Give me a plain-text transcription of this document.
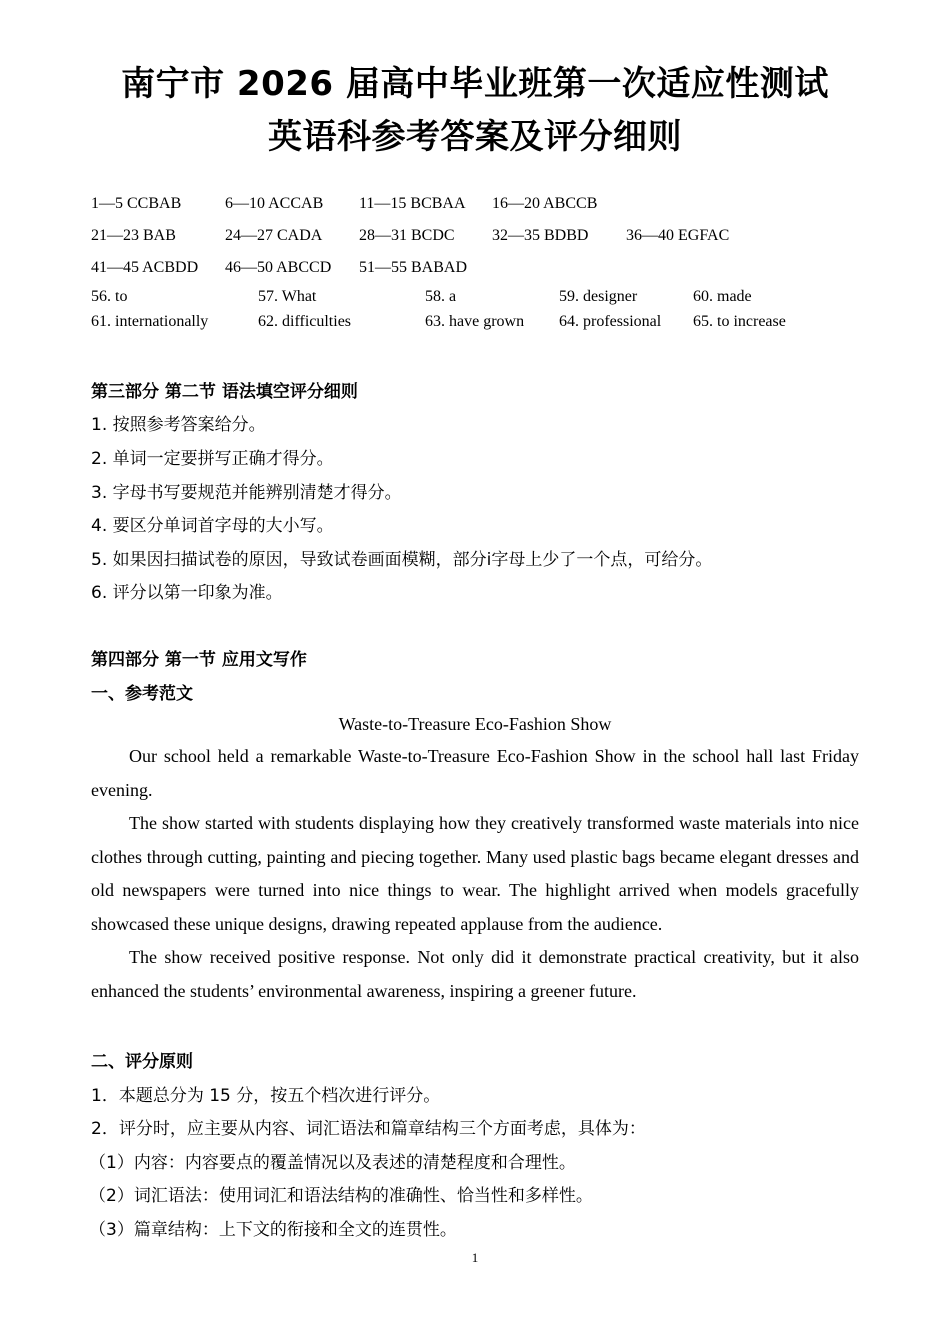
南宁市 2026 届高中毕业班第一次适应性测试
英语科参考答案及评分细则
1—5 CCBAB	6—10 ACCAB 11—15 BCBAA 16—20 ABCCB
21—23 BAB	24—27 CADA 28—31 BCDC 32—35 BDBD 36—40 EGFAC
41—45 ACBDD 46—50 ABCCD 51—55 BABAD
56. to	57. What	58. a	59. designer	60. made
61. internationally	62. difficulties	63. have grown 64. professional 65. to increase
第三部分 第二节 语法填空评分细则
1. 按照参考答案给分。
2. 单词一定要拼写正确才得分。
3. 字母书写要规范并能辨别清楚才得分。
4. 要区分单词首字母的大小写。
5. 如果因扫描试卷的原因，导致试卷画面模糊，部分i字母上少了一个点，可给分。
6. 评分以第一印象为准。
第四部分 第一节 应用文写作
一、参考范文
Waste-to-Treasure Eco-Fashion Show

Our school held a remarkable Waste-to-Treasure Eco-Fashion Show in the school hall last Friday evening.

The show started with students displaying how they creatively transformed waste materials into nice clothes through cutting, painting and piecing together. Many used plastic bags became elegant dresses and old newspapers were turned into nice things to wear. The highlight arrived when models gracefully showcased these unique designs, drawing repeated applause from the audience.

The show received positive response. Not only did it demonstrate practical creativity, but it also enhanced the students’ environmental awareness, inspiring a greener future.

二、评分原则
1．本题总分为 15 分，按五个档次进行评分。
2．评分时，应主要从内容、词汇语法和篇章结构三个方面考虑，具体为：
（1）内容：内容要点的覆盖情况以及表述的清楚程度和合理性。
（2）词汇语法：使用词汇和语法结构的准确性、恰当性和多样性。
（3）篇章结构：上下文的衔接和全文的连贯性。
1
